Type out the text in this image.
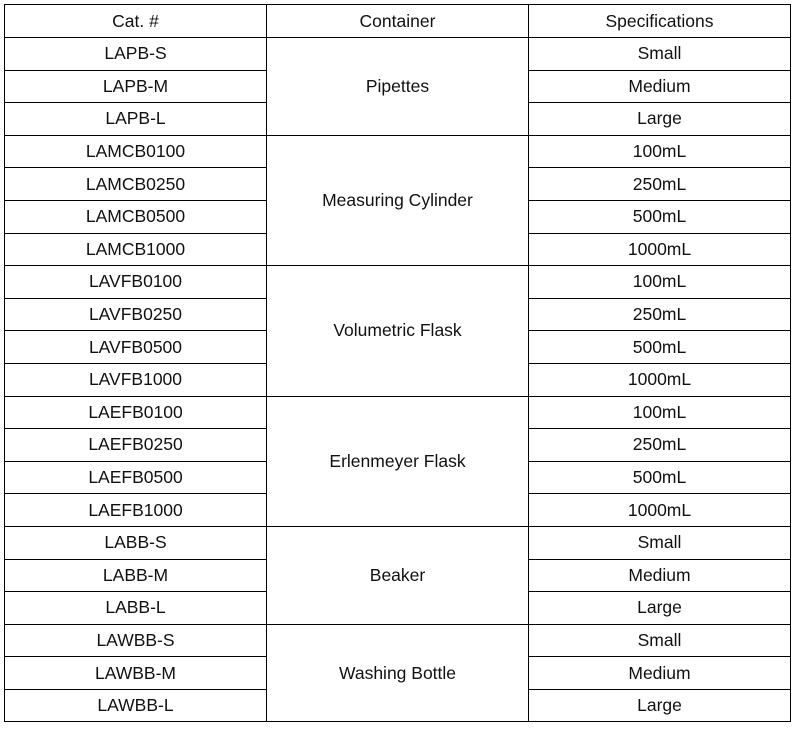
Cat. #	Container	Specifications
LAPB-S	Pipettes	Small
LAPB-M		Medium
LAPB-L		Large
LAMCB0100	Measuring Cylinder	100mL
LAMCB0250		250mL
LAMCB0500		500mL
LAMCB1000		1000mL
LAVFB0100	Volumetric Flask	100mL
LAVFB0250		250mL
LAVFB0500		500mL
LAVFB1000		1000mL
LAEFB0100	Erlenmeyer Flask	100mL
LAEFB0250		250mL
LAEFB0500		500mL
LAEFB1000		1000mL
LABB-S	Beaker	Small
LABB-M		Medium
LABB-L		Large
LAWBB-S	Washing Bottle	Small
LAWBB-M		Medium
LAWBB-L		Large
